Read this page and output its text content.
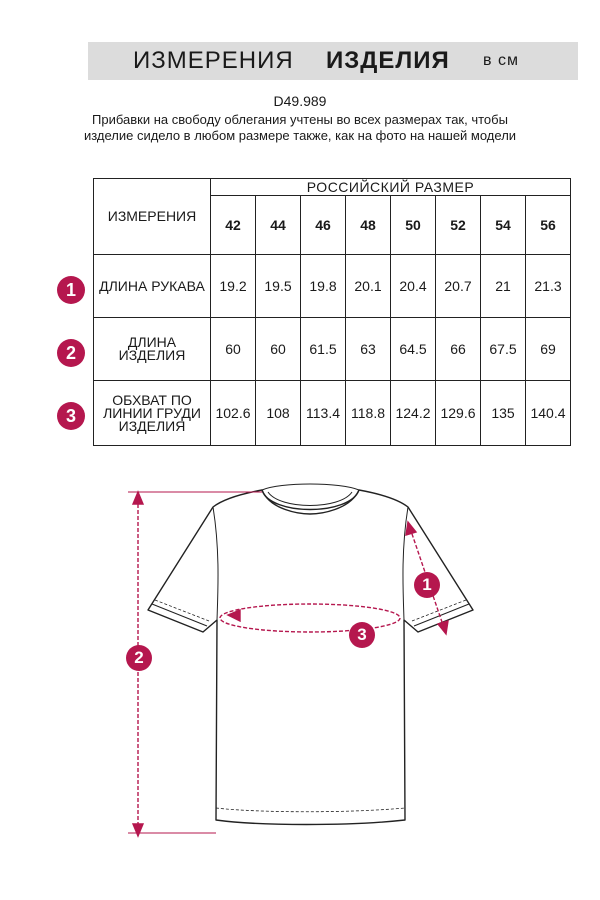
ИЗМЕРЕНИЯ ИЗДЕЛИЯ в см
D49.989
Прибавки на свободу облегания учтены во всех размерах так, чтобы изделие сидело в любом размере также, как на фото на нашей модели
ИЗМЕРЕНИЯ	РОССИЙСКИЙ РАЗМЕР							
	42	44	46	48	50	52	54	56
ДЛИНА РУКАВА	19.2	19.5	19.8	20.1	20.4	20.7	21	21.3
ДЛИНА ИЗДЕЛИЯ	60	60	61.5	63	64.5	66	67.5	69
ОБХВАТ ПО ЛИНИИ ГРУДИ ИЗДЕЛИЯ	102.6	108	113.4	118.8	124.2	129.6	135	140.4
1
2
3
1
2
3
